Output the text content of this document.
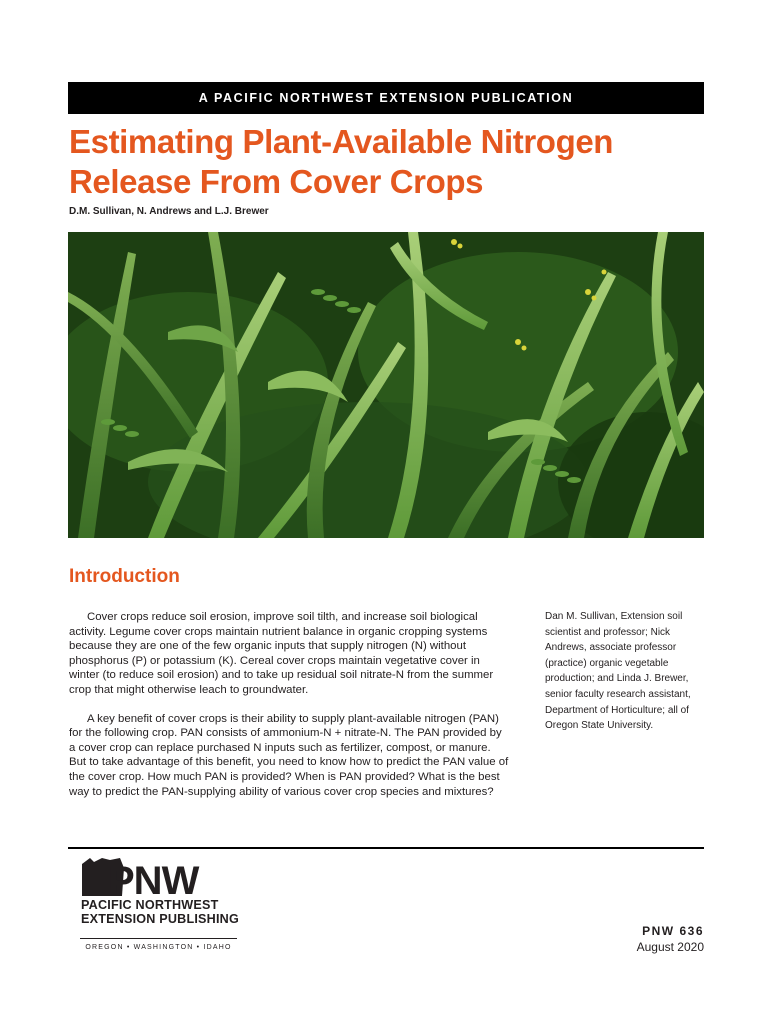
A PACIFIC NORTHWEST EXTENSION PUBLICATION
Estimating Plant-Available Nitrogen
Release From Cover Crops
D.M. Sullivan, N. Andrews and L.J. Brewer
Introduction

Cover crops reduce soil erosion, improve soil tilth, and increase soil biological activity. Legume cover crops maintain nutrient balance in organic cropping systems because they are one of the few organic inputs that supply nitrogen (N) without phosphorus (P) or potassium (K). Cereal cover crops maintain vegetative cover in winter (to reduce soil erosion) and to take up residual soil nitrate-N from the summer crop that might otherwise leach to groundwater.

A key benefit of cover crops is their ability to supply plant-available nitrogen (PAN) for the following crop. PAN consists of ammonium-N + nitrate-N. The PAN provided by a cover crop can replace purchased N inputs such as fertilizer, compost, or manure. But to take advantage of this benefit, you need to know how to predict the PAN value of the cover crop. How much PAN is provided? When is PAN provided? What is the best way to predict the PAN-supplying ability of various cover crop species and mixtures?

Dan M. Sullivan, Extension soil scientist and professor; Nick Andrews, associate professor (practice) organic vegetable production; and Linda J. Brewer, senior faculty research assistant, Department of Horticulture; all of Oregon State University.
PNW
PACIFIC NORTHWEST
EXTENSION PUBLISHING
OREGON • WASHINGTON • IDAHO
PNW 636
August 2020
